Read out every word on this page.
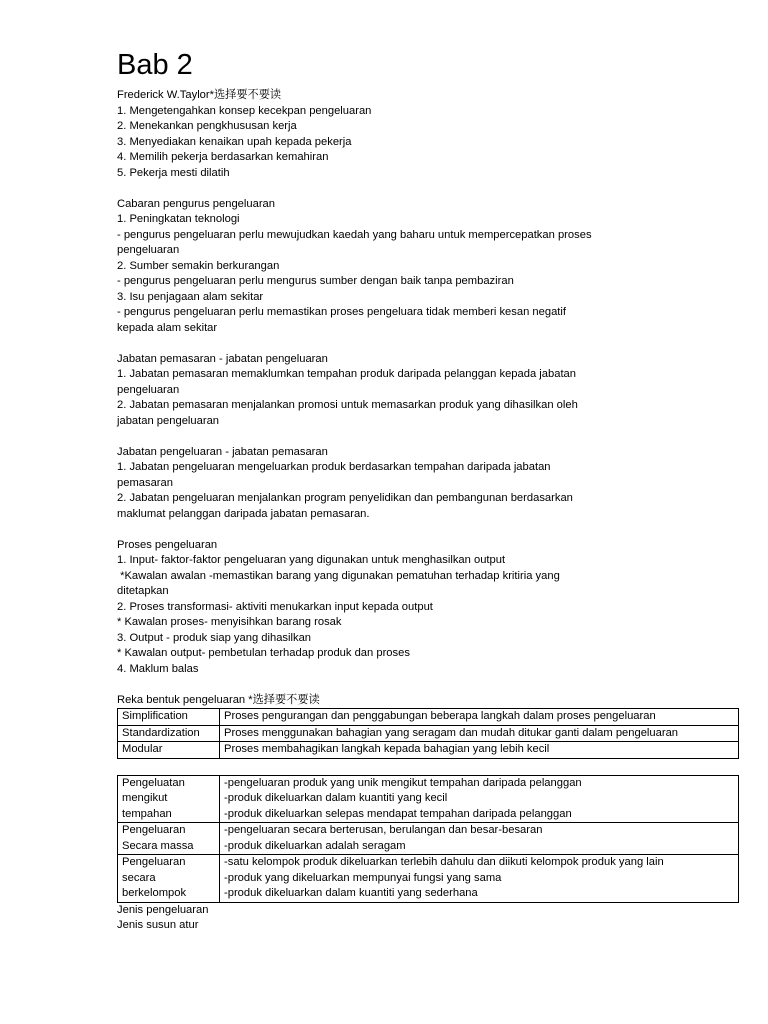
Bab 2
Frederick W.Taylor*选择要不要读
1. Mengetengahkan konsep kecekpan pengeluaran
2. Menekankan pengkhususan kerja
3. Menyediakan kenaikan upah kepada pekerja
4. Memilih pekerja berdasarkan kemahiran
5. Pekerja mesti dilatih
Cabaran pengurus pengeluaran
1. Peningkatan teknologi
- pengurus pengeluaran perlu mewujudkan kaedah yang baharu untuk mempercepatkan proses
pengeluaran
2. Sumber semakin berkurangan
- pengurus pengeluaran perlu mengurus sumber dengan baik tanpa pembaziran
3. Isu penjagaan alam sekitar
- pengurus pengeluaran perlu memastikan proses pengeluara tidak memberi kesan negatif
kepada alam sekitar
Jabatan pemasaran - jabatan pengeluaran
1. Jabatan pemasaran memaklumkan tempahan produk daripada pelanggan kepada jabatan
pengeluaran
2. Jabatan pemasaran menjalankan promosi untuk memasarkan produk yang dihasilkan oleh
jabatan pengeluaran
Jabatan pengeluaran - jabatan pemasaran
1. Jabatan pengeluaran mengeluarkan produk berdasarkan tempahan daripada jabatan
pemasaran
2. Jabatan pengeluaran menjalankan program penyelidikan dan pembangunan berdasarkan
maklumat pelanggan daripada jabatan pemasaran.
Proses pengeluaran
1. Input- faktor-faktor pengeluaran yang digunakan untuk menghasilkan output
*Kawalan awalan -memastikan barang yang digunakan pematuhan terhadap kritiria yang
ditetapkan
2. Proses transformasi- aktiviti menukarkan input kepada output
* Kawalan proses- menyisihkan barang rosak
3. Output - produk siap yang dihasilkan
* Kawalan output- pembetulan terhadap produk dan proses
4. Maklum balas
Reka bentuk pengeluaran *选择要不要读
Simplification	Proses pengurangan dan penggabungan beberapa langkah dalam proses pengeluaran
Standardization	Proses menggunakan bahagian yang seragam dan mudah ditukar ganti dalam pengeluaran
Modular	Proses membahagikan langkah kepada bahagian yang lebih kecil
Pengeluatan
mengikut
tempahan	-pengeluaran produk yang unik mengikut tempahan daripada pelanggan
-produk dikeluarkan dalam kuantiti yang kecil
-produk dikeluarkan selepas mendapat tempahan daripada pelanggan

Pengeluaran
Secara massa	-pengeluaran secara berterusan, berulangan dan besar-besaran
-produk dikeluarkan adalah seragam

Pengeluaran
secara
berkelompok	-satu kelompok produk dikeluarkan terlebih dahulu dan diikuti kelompok produk yang lain
-produk yang dikeluarkan mempunyai fungsi yang sama
-produk dikeluarkan dalam kuantiti yang sederhana
Jenis pengeluaran
Jenis susun atur
